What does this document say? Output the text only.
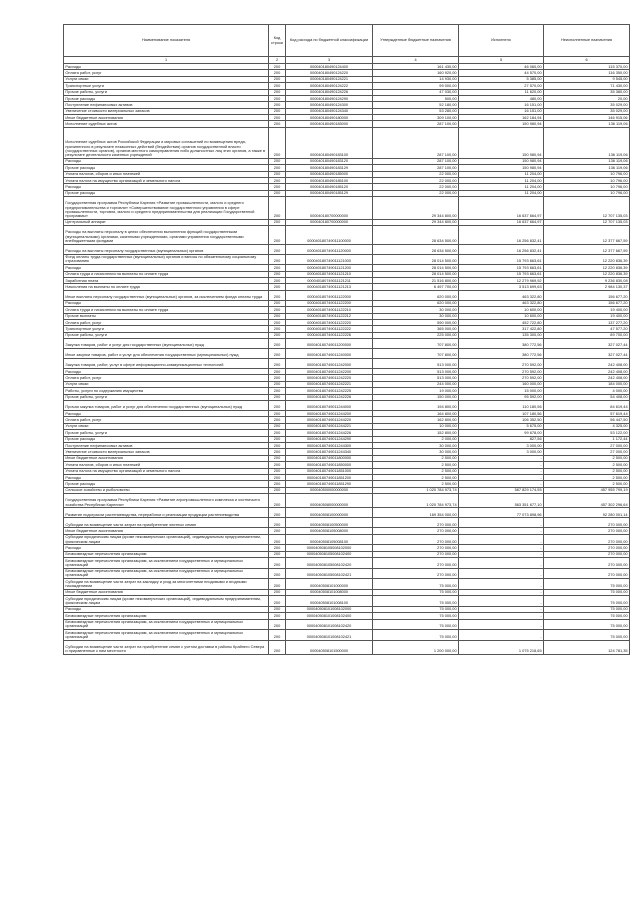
Наименование показателя	Код строки	Код расхода по бюджетной классификации	Утвержденные бюджетные назначения	Исполнено	Неисполненные назначения
1	2	3	4	5	6
Расходы	200	000040180490124400	161 430,00	46 060,00	115 370,00
Оплата работ, услуг	200	000040180490124220	160 920,00	44 570,00	116 350,00
Услуги связи	200	000040180490124221	14 930,00	5 385,00	9 545,00
Транспортные услуги	200	000040180490124222	99 000,00	27 570,00	71 430,00
Прочие работы, услуги	200	000040180490124226	47 030,00	11 620,00	35 380,00
Прочие расходы	200	000040180490124290	500,00	480,00	20,00
Поступление нефинансовых активов	200	000040180490124300	52 180,00	16 151,00	35 029,00
Увеличение стоимости материальных запасов	200	000040180490124340	53 280,00	16 151,00	35 029,00
Иные бюджетные ассигнования	200	000040180490180000	309 100,00	162 184,94	146 915,06
Исполнение судебных актов	200	000040180490183000	287 100,00	150 980,94	136 119,06
Исполнение судебных актов Российской Федерации и мировых соглашений по возмещению вреда, причиненного в результате незаконных действий (бездействия) органов государственной власти (государственных органов), органов местного самоуправления либо должностных лиц этих органов, а также в результате деятельности казенных учреждений	200	000040180490183100	287 100,00	150 980,94	136 119,06
Расходы	200	000040180490183120	287 100,00	150 980,94	136 119,06
Прочие расходы	200	000040180490183129	287 100,00	150 980,94	136 119,06
Уплата налогов, сборов и иных платежей	200	000040180490185000	22 000,00	11 204,00	10 796,00
Уплата налога на имущество организаций и земельного налога	200	000040180490185100	22 000,00	11 204,00	10 796,00
Расходы	200	000040180490185120	22 000,00	11 204,00	10 796,00
Прочие расходы	200	000040180490185129	22 000,00	11 204,00	10 796,00
Государственная программа Республики Карелия «Развитие промышленности, малого и среднего предпринимательства и торговли» «Совершенствование государственного управления в сфере промышленности, торговли, малого и среднего предпринимательства для реализации Государственной программы»	200	000040180700000000	29 344 800,00	16 637 664,97	12 707 135,03
Центральный аппарат	200	000040180700000000	29 344 800,00	16 637 664,97	12 707 135,03
Расходы на выплаты персоналу в целях обеспечения выполнения функций государственными (муниципальными) органами, казенными учреждениями, органами управления государственными внебюджетными фондами	200	000040180749011100000	28 634 500,00	16 256 832,41	12 377 667,59
Расходы на выплаты персоналу государственных (муниципальных) органов	200	000040180749011120000	28 634 500,00	16 256 832,41	12 377 667,59
Фонд оплаты труда государственных (муниципальных) органов и взносы по обязательному социальному страхованию	200	000040180749011121000	28 014 500,00	15 793 663,61	12 220 836,39
Расходы	200	000040180749011121200	28 014 500,00	15 793 663,61	12 220 836,39
Оплата труда и начисления на выплаты по оплате труда	200	000040180749011121210	28 014 500,00	15 793 663,61	12 220 836,39
Заработная плата	200	000040180749011121211	21 516 800,00	12 279 969,92	9 236 830,08
Начисления на выплаты по оплате труда	200	000040180749011121213	6 497 700,00	3 513 699,63	2 984 130,37
Иные выплаты персоналу государственных (муниципальных) органов, за исключением фонда оплаты труда	200	000040180749011122000	620 000,00	463 322,80	156 677,20
Расходы	200	000040180749011122200	620 000,00	463 322,80	156 677,20
Оплата труда и начисления на выплаты по оплате труда	200	000040180749011122210	30 000,00	10 600,00	19 400,00
Прочие выплаты	200	000040180749011122212	30 000,00	10 600,00	19 400,00
Оплата работ, услуг	200	000040180749011122220	590 000,00	452 722,80	137 277,20
Транспортные услуги	200	000040180749011122222	365 000,00	317 422,80	47 577,20
Прочие работы, услуги	200	000040180749011122226	225 000,00	135 300,00	89 700,00
Закупка товаров, работ и услуг для государственных (муниципальных) нужд	200	000040180749011200000	707 800,00	380 772,56	327 027,44
Иные закупки товаров, работ и услуг для обеспечения государственных (муниципальных) нужд	200	000040180749011240000	707 800,00	380 772,56	327 027,44
Закупка товаров, работ, услуг в сфере информационно-коммуникационных технологий	200	000040180749011242000	513 000,00	270 592,00	242 408,00
Расходы	200	000040180749011242200	513 000,00	270 592,00	242 408,00
Оплата работ, услуг	200	000040180749011242220	513 000,00	270 592,00	242 408,00
Услуги связи	200	000040180749011242221	244 000,00	160 000,00	184 000,00
Работы, услуги по содержанию имущества	200	000040180749011242225	19 000,00	15 000,00	4 000,00
Прочие работы, услуги	200	000040180749011242226	150 000,00	95 592,00	54 408,00
Прочая закупка товаров, работ и услуг для обеспечения государственных (муниципальных) нужд	200	000040180749011244000	194 800,00	110 180,56	84 619,44
Расходы	200	000040180749011244200	164 800,00	107 180,56	57 619,44
Оплата работ, услуг	200	000040180749011244220	162 800,00	106 352,50	56 447,50
Услуги связи	200	000040180749011244221	10 000,00	5 675,00	4 325,00
Прочие работы, услуги	200	000040180749011244226	152 800,00	99 678,00	53 122,00
Прочие расходы	200	000040180749011244290	2 000,00	827,56	1 172,44
Поступление нефинансовых активов	200	000040180749011244300	30 000,00	3 000,00	27 000,00
Увеличение стоимости материальных запасов	200	000040180749011244340	30 000,00	3 000,00	27 000,00
Иные бюджетные ассигнования	200	000040180749011800000	2 500,00	-	2 500,00
Уплата налогов, сборов и иных платежей	200	000040180749011850000	2 500,00	-	2 500,00
Уплата налога на имущество организаций и земельного налога	200	000040180749011851000	2 500,00	-	2 500,00
Расходы	200	000040180749011851200	2 500,00	-	2 500,00
Прочие расходы	200	000040180749011851290	2 500,00	-	2 500,00
Сельское хозяйство и рыболовство	200	000040500000000000	1 020 784 973,74	567 829 174,55	457 955 799,19
Государственная программа Республики Карелия «Развитие агропромышленного комплекса и охотничьего хозяйства Республики Карелия»	200	000040508000000000	1 020 784 973,74	563 351 677,10	457 302 296,64
Развитие подотрасли растениеводства, переработки и реализации продукции растениеводства	200	000040508100000000	169 354 000,00	77 073 898,96	92 280 001,14
Субсидии на возмещение части затрат на приобретение элитных семян	200	000040508100500000	270 000,00	-	270 000,00
Иные бюджетные ассигнования	200	000040508105008000	270 000,00	-	270 000,00
Субсидии юридическим лицам (кроме некоммерческих организаций), индивидуальным предпринимателям, физическим лицам	200	000040508105008100	270 000,00	-	270 000,00
Расходы	200	000040508105008102000	270 000,00	-	270 000,00
Безвозмездные перечисления организациям	200	000040508105008102400	270 000,00	-	270 000,00
Безвозмездные перечисления организациям, за исключением государственных и муниципальных организаций	200	000040508105008102420	270 000,00	-	270 000,00
Безвозмездные перечисления организациям, за исключением государственных и муниципальных организаций	200	000040508105008102421	270 000,00	-	270 000,00
Субсидии на возмещение части затрат на закладку и уход за многолетними плодовыми и ягодными насаждениями	200	000040508101000000	75 000,00	-	75 000,00
Иные бюджетные ассигнования	200	000040508101008000	75 000,00	-	75 000,00
Субсидии юридическим лицам (кроме некоммерческих организаций), индивидуальным предпринимателям, физическим лицам	200	000040508101008100	75 000,00	-	75 000,00
Расходы	200	000040508101008102000	75 000,00	-	75 000,00
Безвозмездные перечисления организациям	200	000040508101008102400	75 000,00	-	75 000,00
Безвозмездные перечисления организациям, за исключением государственных и муниципальных организаций	200	000040508101008102420	75 000,00	-	75 000,00
Безвозмездные перечисления организациям, за исключением государственных и муниципальных организаций	200	000040508101008102421	75 000,00	-	75 000,00
Субсидии на возмещение части затрат на приобретение семян с учетом доставки в районы Крайнего Севера и приравненные к ним местности	200	000040508101500000	1 200 000,00	1 075 218,65	124 781,35
